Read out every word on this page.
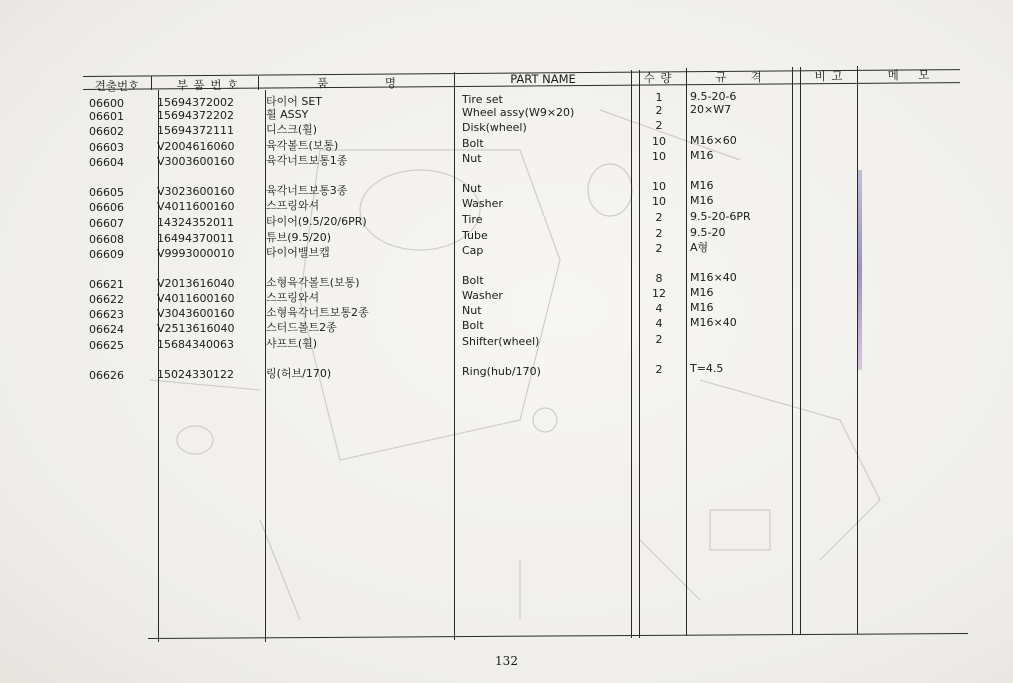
견출번호	부 품 번 호	품            명	PART NAME	수 량	규     격	비 고	메    모
06600	15694372002	타이어 SET	Tire set	1	9.5-20-6
06601	15694372202	휠 ASSY	Wheel assy(W9×20)	2	20×W7
06602	15694372111	디스크(휠)	Disk(wheel)	2
06603	V2004616060	육각볼트(보통)	Bolt	10	M16×60
06604	V3003600160	육각너트보통1종	Nut	10	M16
06605	V3023600160	육각너트보통3종	Nut	10	M16
06606	V4011600160	스프링와셔	Washer	10	M16
06607	14324352011	타이어(9.5/20/6PR)	Tire	2	9.5-20-6PR
06608	16494370011	튜브(9.5/20)	Tube	2	9.5-20
06609	V9993000010	타이어밸브캡	Cap	2	A형
06621	V2013616040	소형육각볼트(보통)	Bolt	8	M16×40
06622	V4011600160	스프링와셔	Washer	12	M16
06623	V3043600160	소형육각너트보통2종	Nut	4	M16
06624	V2513616040	스터드볼트2종	Bolt	4	M16×40
06625	15684340063	샤프트(휠)	Shifter(wheel)	2
06626	15024330122	링(허브/170)	Ring(hub/170)	2	T=4.5
132
